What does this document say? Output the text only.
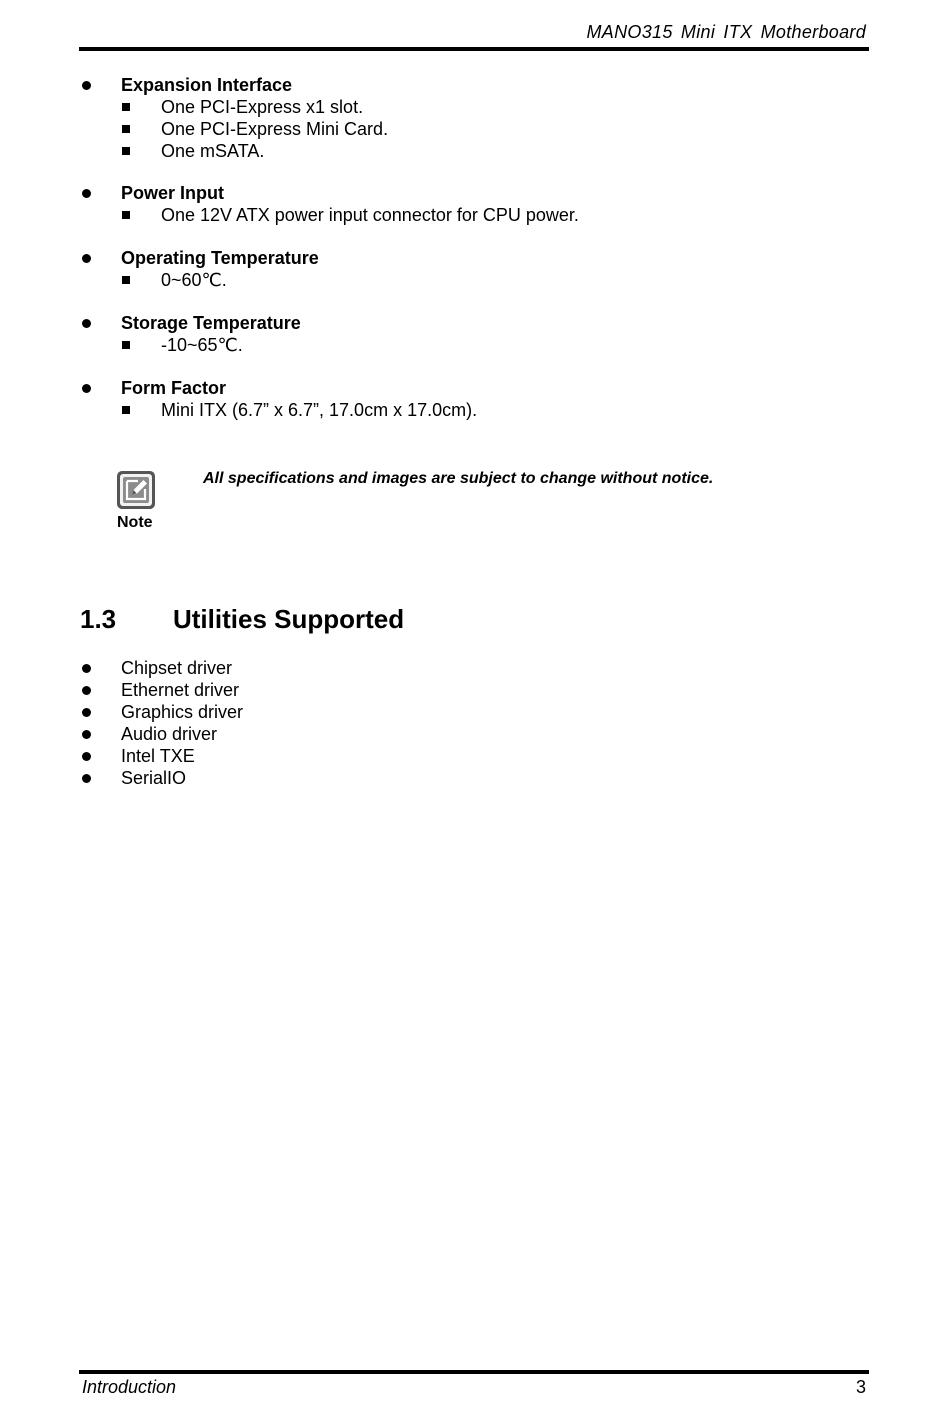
MANO315 Mini ITX Motherboard
Expansion Interface
One PCI-Express x1 slot.
One PCI-Express Mini Card.
One mSATA.
Power Input
One 12V ATX power input connector for CPU power.
Operating Temperature
0~60℃.
Storage Temperature
-10~65℃.
Form Factor
Mini ITX (6.7” x 6.7”, 17.0cm x 17.0cm).
Note
All specifications and images are subject to change without notice.
1.3 Utilities Supported
Chipset driver
Ethernet driver
Graphics driver
Audio driver
Intel TXE
SerialIO
Introduction	3
